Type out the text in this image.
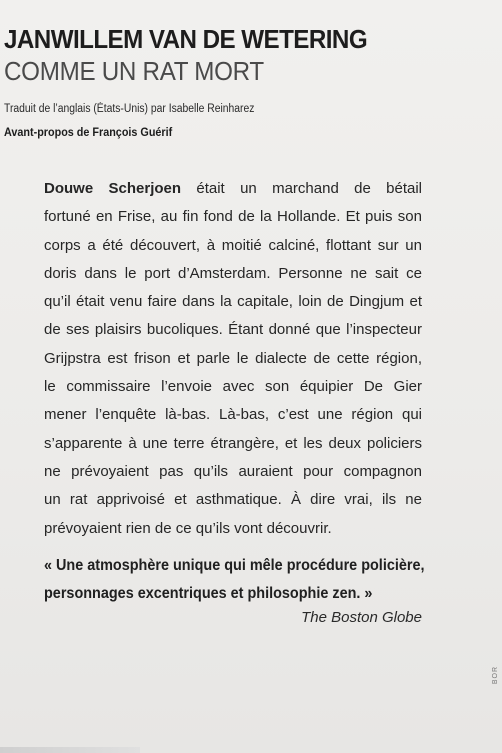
JANWILLEM VAN DE WETERING
COMME UN RAT MORT
Traduit de l’anglais (États-Unis) par Isabelle Reinharez
Avant-propos de François Guérif
Douwe Scherjoen était un marchand de bétail
fortuné en Frise, au fin fond de la Hollande. Et puis son
corps a été découvert, à moitié calciné, flottant sur un
doris dans le port d’Amsterdam. Personne ne sait ce
qu’il était venu faire dans la capitale, loin de Dingjum et
de ses plaisirs bucoliques. Étant donné que l’inspecteur
Grijpstra est frison et parle le dialecte de cette région,
le commissaire l’envoie avec son équipier De Gier
mener l’enquête là-bas. Là-bas, c’est une région qui
s’apparente à une terre étrangère, et les deux policiers
ne prévoyaient pas qu’ils auraient pour compagnon
un rat apprivoisé et asthmatique. À dire vrai, ils ne
prévoyaient rien de ce qu’ils vont découvrir.
« Une atmosphère unique qui mêle procédure policière,
personnages excentriques et philosophie zen. »
The Boston Globe
BOR
